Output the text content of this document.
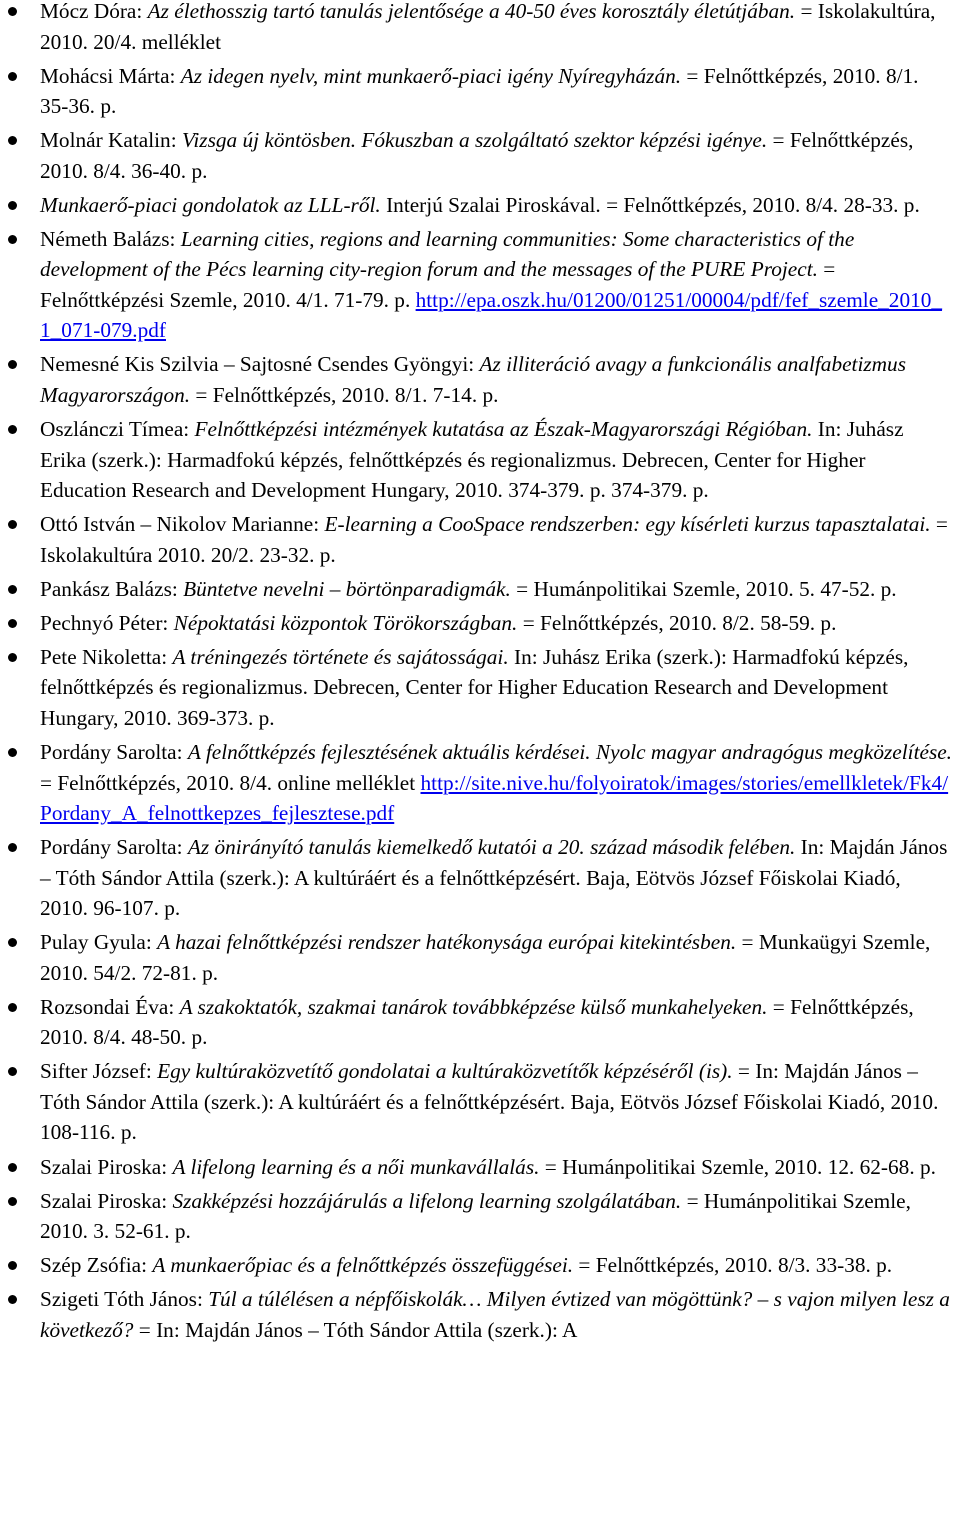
Mócz Dóra: Az élethosszig tartó tanulás jelentősége a 40-50 éves korosztály életútjában. = Iskolakultúra, 2010. 20/4. melléklet
Mohácsi Márta: Az idegen nyelv, mint munkaerő-piaci igény Nyíregyházán. = Felnőttképzés, 2010. 8/1. 35-36. p.
Molnár Katalin: Vizsga új köntösben. Fókuszban a szolgáltató szektor képzési igénye. = Felnőttképzés, 2010. 8/4. 36-40. p.
Munkaerő-piaci gondolatok az LLL-ről. Interjú Szalai Piroskával. = Felnőttképzés, 2010. 8/4. 28-33. p.
Németh Balázs: Learning cities, regions and learning communities: Some characteristics of the development of the Pécs learning city-region forum and the messages of the PURE Project. = Felnőttképzési Szemle, 2010. 4/1. 71-79. p. http://epa.oszk.hu/01200/01251/00004/pdf/fef_szemle_2010_1_071-079.pdf
Nemesné Kis Szilvia – Sajtosné Csendes Gyöngyi: Az illiteráció avagy a funkcionális analfabetizmus Magyarországon. = Felnőttképzés, 2010. 8/1. 7-14. p.
Oszlánczi Tímea: Felnőttképzési intézmények kutatása az Észak-Magyarországi Régióban. In: Juhász Erika (szerk.): Harmadfokú képzés, felnőttképzés és regionalizmus. Debrecen, Center for Higher Education Research and Development Hungary, 2010. 374-379. p. 374-379. p.
Ottó István – Nikolov Marianne: E-learning a CooSpace rendszerben: egy kísérleti kurzus tapasztalatai. = Iskolakultúra 2010. 20/2. 23-32. p.
Pankász Balázs: Büntetve nevelni – börtönparadigmák. = Humánpolitikai Szemle, 2010. 5. 47-52. p.
Pechnyó Péter: Népoktatási központok Törökországban. = Felnőttképzés, 2010. 8/2. 58-59. p.
Pete Nikoletta: A tréningezés története és sajátosságai. In: Juhász Erika (szerk.): Harmadfokú képzés, felnőttképzés és regionalizmus. Debrecen, Center for Higher Education Research and Development Hungary, 2010. 369-373. p.
Pordány Sarolta: A felnőttképzés fejlesztésének aktuális kérdései. Nyolc magyar andragógus megközelítése. = Felnőttképzés, 2010. 8/4. online melléklet http://site.nive.hu/folyoiratok/images/stories/emellkletek/Fk4/Pordany_A_felnottkepzes_fejlesztese.pdf
Pordány Sarolta: Az önirányító tanulás kiemelkedő kutatói a 20. század második felében. In: Majdán János – Tóth Sándor Attila (szerk.): A kultúráért és a felnőttképzésért. Baja, Eötvös József Főiskolai Kiadó, 2010. 96-107. p.
Pulay Gyula: A hazai felnőttképzési rendszer hatékonysága európai kitekintésben. = Munkaügyi Szemle, 2010. 54/2. 72-81. p.
Rozsondai Éva: A szakoktatók, szakmai tanárok továbbképzése külső munkahelyeken. = Felnőttképzés, 2010. 8/4. 48-50. p.
Sifter József: Egy kultúraközvetítő gondolatai a kultúraközvetítők képzéséről (is). = In: Majdán János – Tóth Sándor Attila (szerk.): A kultúráért és a felnőttképzésért. Baja, Eötvös József Főiskolai Kiadó, 2010. 108-116. p.
Szalai Piroska: A lifelong learning és a női munkavállalás. = Humánpolitikai Szemle, 2010. 12. 62-68. p.
Szalai Piroska: Szakképzési hozzájárulás a lifelong learning szolgálatában. = Humánpolitikai Szemle, 2010. 3. 52-61. p.
Szép Zsófia: A munkaerőpiac és a felnőttképzés összefüggései. = Felnőttképzés, 2010. 8/3. 33-38. p.
Szigeti Tóth János: Túl a túlélésen a népfőiskolák… Milyen évtized van mögöttünk? – s vajon milyen lesz a következő? = In: Majdán János – Tóth Sándor Attila (szerk.): A
